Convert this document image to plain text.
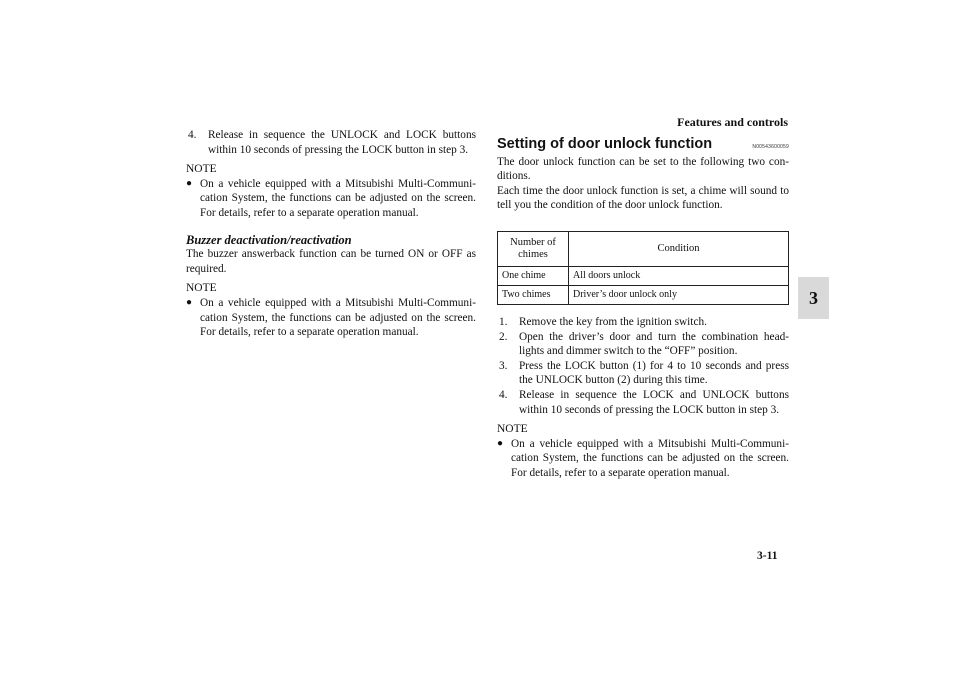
Features and controls
3
4.	Release in sequence the UNLOCK and LOCK buttons within 10 seconds of pressing the LOCK button in step 3.
NOTE
● On a vehicle equipped with a Mitsubishi Multi-Communi-cation System, the functions can be adjusted on the screen. For details, refer to a separate operation manual.
Buzzer deactivation/reactivation
The buzzer answerback function can be turned ON or OFF as required.
NOTE
● On a vehicle equipped with a Mitsubishi Multi-Communi-cation System, the functions can be adjusted on the screen. For details, refer to a separate operation manual.
Setting of door unlock function	N00543600059
The door unlock function can be set to the following two con-ditions.
Each time the door unlock function is set, a chime will sound to tell you the condition of the door unlock function.
Number of chimes	Condition
One chime	All doors unlock
Two chimes	Driver’s door unlock only
1.	Remove the key from the ignition switch.
2.	Open the driver’s door and turn the combination head-lights and dimmer switch to the “OFF” position.
3.	Press the LOCK button (1) for 4 to 10 seconds and press the UNLOCK button (2) during this time.
4.	Release in sequence the LOCK and UNLOCK buttons within 10 seconds of pressing the LOCK button in step 3.
NOTE
● On a vehicle equipped with a Mitsubishi Multi-Communi-cation System, the functions can be adjusted on the screen. For details, refer to a separate operation manual.
3-11
